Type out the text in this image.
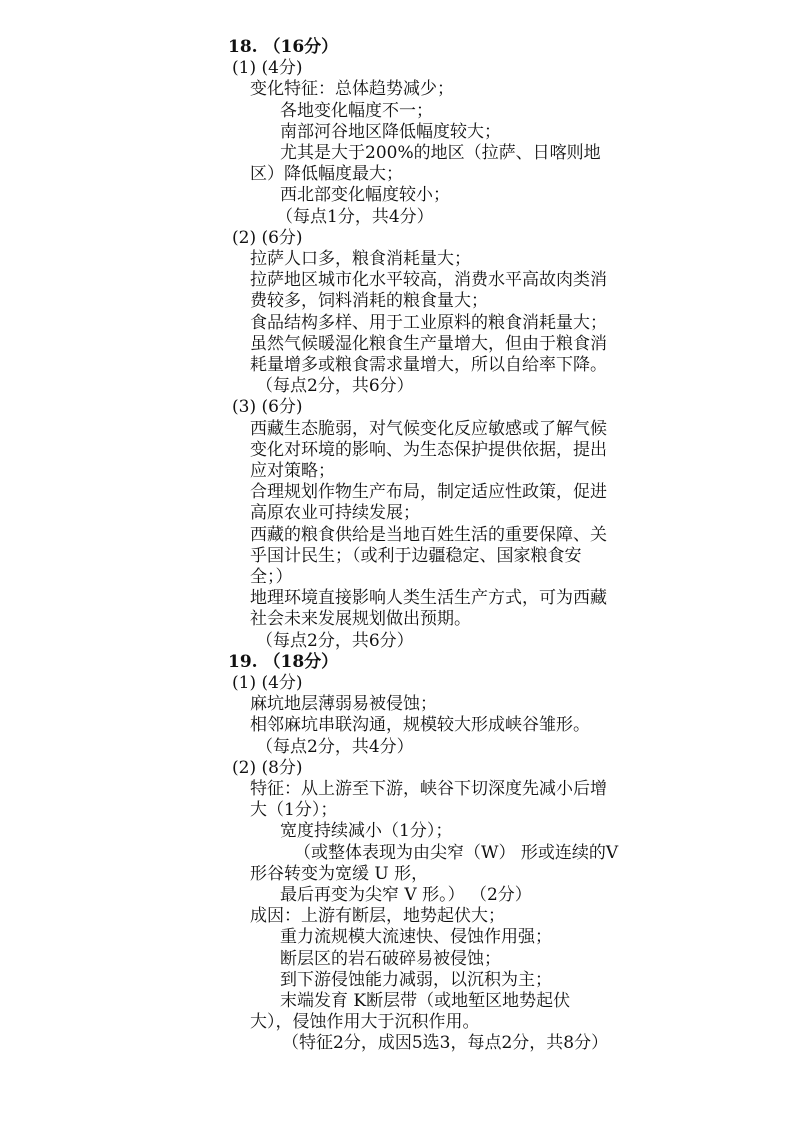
18. （16分）
(1) (4分)
变化特征：总体趋势减少；
各地变化幅度不一；
南部河谷地区降低幅度较大；
尤其是大于200%的地区（拉萨、日喀则地
区）降低幅度最大；
西北部变化幅度较小；
（每点1分，共4分）
(2) (6分)
拉萨人口多，粮食消耗量大；
拉萨地区城市化水平较高，消费水平高故肉类消
费较多，饲料消耗的粮食量大；
食品结构多样、用于工业原料的粮食消耗量大；
虽然气候暖湿化粮食生产量增大，但由于粮食消
耗量增多或粮食需求量增大，所以自给率下降。
（每点2分，共6分）
(3) (6分)
西藏生态脆弱，对气候变化反应敏感或了解气候
变化对环境的影响、为生态保护提供依据，提出
应对策略；
合理规划作物生产布局，制定适应性政策，促进
高原农业可持续发展；
西藏的粮食供给是当地百姓生活的重要保障、关
乎国计民生；（或利于边疆稳定、国家粮食安
全；）
地理环境直接影响人类生活生产方式，可为西藏
社会未来发展规划做出预期。
（每点2分，共6分）
19. （18分）
(1) (4分)
麻坑地层薄弱易被侵蚀；
相邻麻坑串联沟通，规模较大形成峡谷雏形。
（每点2分，共4分）
(2) (8分)
特征：从上游至下游，峡谷下切深度先减小后增
大（1分）；
宽度持续减小（1分）；
（或整体表现为由尖窄（W） 形或连续的V
形谷转变为宽缓 U 形，
最后再变为尖窄 V 形。） （2分）
成因：上游有断层，地势起伏大；
重力流规模大流速快、侵蚀作用强；
断层区的岩石破碎易被侵蚀；
到下游侵蚀能力减弱，以沉积为主；
末端发育 K断层带（或地堑区地势起伏
大），侵蚀作用大于沉积作用。
（特征2分，成因5选3，每点2分，共8分）
